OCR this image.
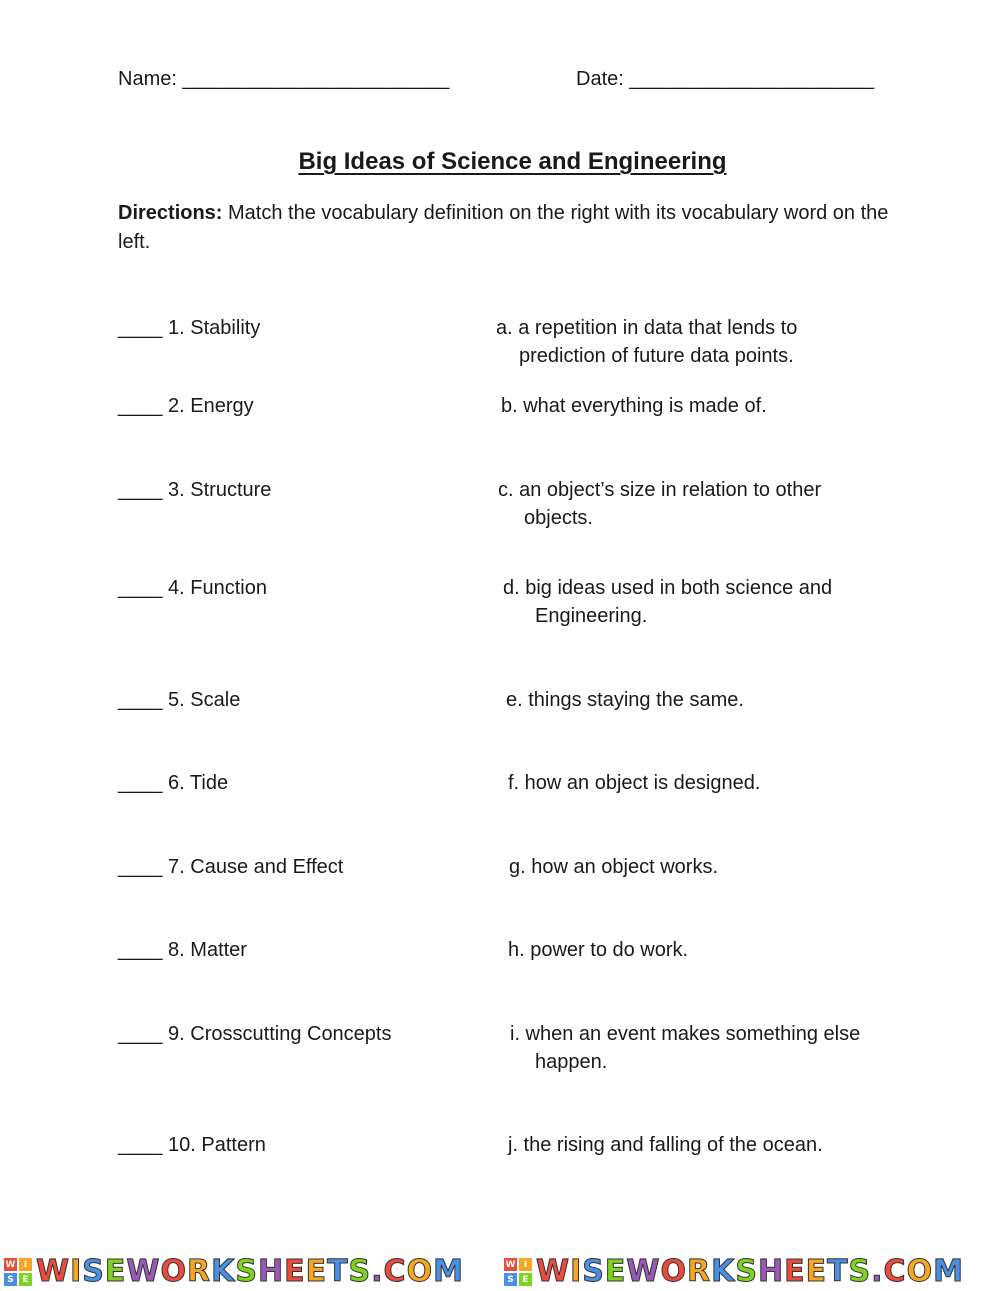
Name: ________________________	Date: ______________________
Big Ideas of Science and Engineering
Directions: Match the vocabulary definition on the right with its vocabulary word on the left.
____ 1. Stability	a. a repetition in data that lends to
prediction of future data points.
____ 2. Energy	b. what everything is made of.
____ 3. Structure	c. an object’s size in relation to other
objects.
____ 4. Function	d. big ideas used in both science and
Engineering.
____ 5. Scale	e. things staying the same.
____ 6. Tide	f. how an object is designed.
____ 7. Cause and Effect	g. how an object works.
____ 8. Matter	h. power to do work.
____ 9. Crosscutting Concepts	i. when an event makes something else
happen.
____ 10. Pattern	j. the rising and falling of the ocean.
W I
S E WISEWORKSHEETS.COM	W I
S E WISEWORKSHEETS.COM
